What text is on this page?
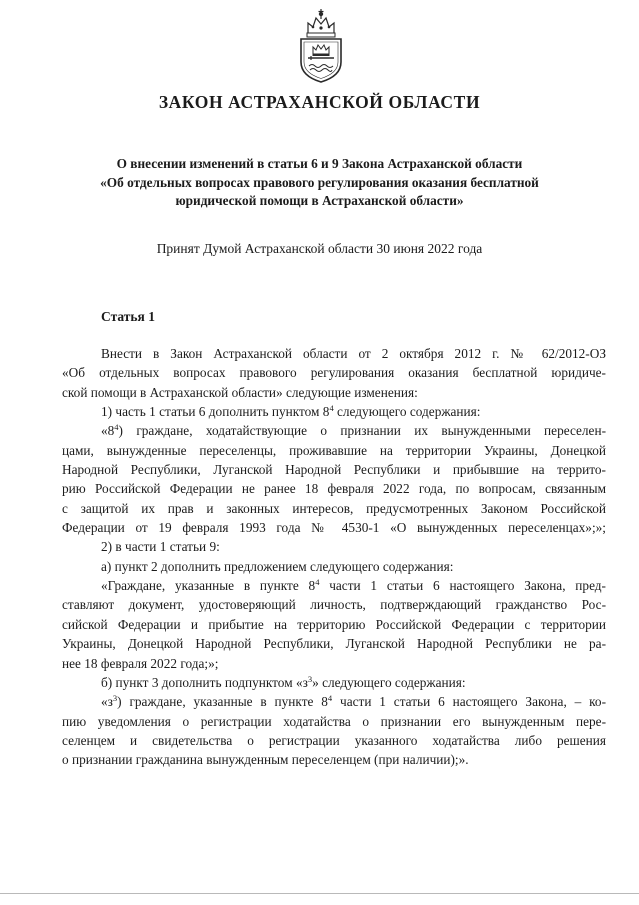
ЗАКОН АСТРАХАНСКОЙ ОБЛАСТИ
О внесении изменений в статьи 6 и 9 Закона Астраханской области
«Об отдельных вопросах правового регулирования оказания бесплатной
юридической помощи в Астраханской области»
Принят Думой Астраханской области 30 июня 2022 года
Статья 1
Внести в Закон Астраханской области от 2 октября 2012 г. № 62/2012-ОЗ
«Об отдельных вопросах правового регулирования оказания бесплатной юридиче-
ской помощи в Астраханской области» следующие изменения:
1) часть 1 статьи 6 дополнить пунктом $8^4$ следующего содержания:
«$8^4$) граждане, ходатайствующие о признании их вынужденными переселен-
цами, вынужденные переселенцы, проживавшие на территории Украины, Донецкой
Народной Республики, Луганской Народной Республики и прибывшие на террито-
рию Российской Федерации не ранее 18 февраля 2022 года, по вопросам, связанным
с защитой их прав и законных интересов, предусмотренных Законом Российской
Федерации от 19 февраля 1993 года № 4530-1 «О вынужденных переселенцах»;»;
2) в части 1 статьи 9:
а) пункт 2 дополнить предложением следующего содержания:
«Граждане, указанные в пункте $8^4$ части 1 статьи 6 настоящего Закона, пред-
ставляют документ, удостоверяющий личность, подтверждающий гражданство Рос-
сийской Федерации и прибытие на территорию Российской Федерации с территории
Украины, Донецкой Народной Республики, Луганской Народной Республики не ра-
нее 18 февраля 2022 года;»;
б) пункт 3 дополнить подпунктом «$з^3$» следующего содержания:
«$з^3$) граждане, указанные в пункте $8^4$ части 1 статьи 6 настоящего Закона, – ко-
пию уведомления о регистрации ходатайства о признании его вынужденным пере-
селенцем и свидетельства о регистрации указанного ходатайства либо решения
о признании гражданина вынужденным переселенцем (при наличии);».
